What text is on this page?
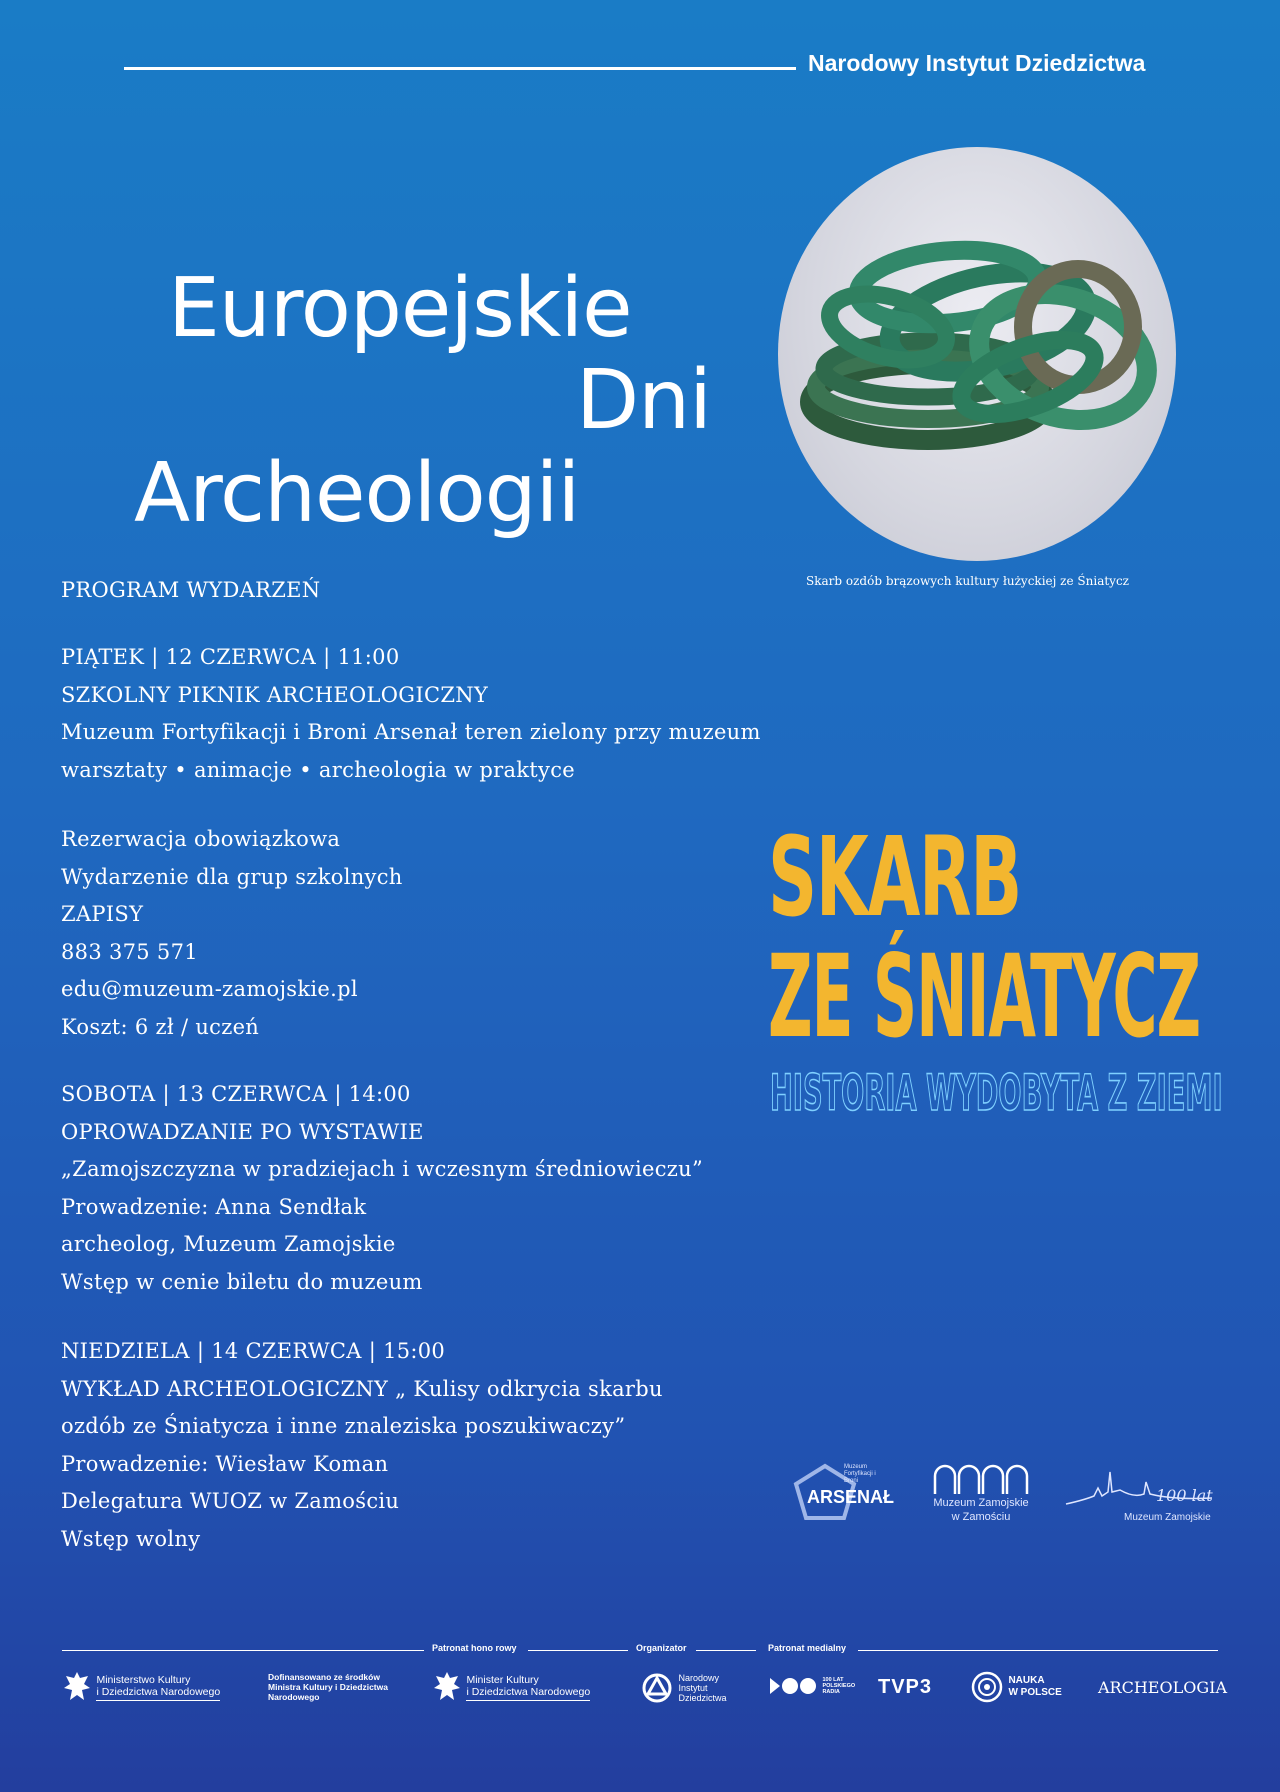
Narodowy Instytut Dziedzictwa
Europejskie
Dni
Archeologii
Skarb ozdób brązowych kultury łużyckiej ze Śniatycz
PROGRAM WYDARZEŃ
PIĄTEK | 12 CZERWCA | 11:00
SZKOLNY PIKNIK ARCHEOLOGICZNY
Muzeum Fortyfikacji i Broni Arsenał teren zielony przy muzeum
warsztaty • animacje • archeologia w praktyce
Rezerwacja obowiązkowa
Wydarzenie dla grup szkolnych
ZAPISY
883 375 571
edu@muzeum-zamojskie.pl
Koszt: 6 zł / uczeń
SOBOTA | 13 CZERWCA | 14:00
OPROWADZANIE PO WYSTAWIE
„Zamojszczyzna w pradziejach i wczesnym średniowieczu”
Prowadzenie: Anna Sendłak
archeolog, Muzeum Zamojskie
Wstęp w cenie biletu do muzeum
NIEDZIELA | 14 CZERWCA | 15:00
WYKŁAD ARCHEOLOGICZNY „ Kulisy odkrycia skarbu
ozdób ze Śniatycza i inne znaleziska poszukiwaczy”
Prowadzenie: Wiesław Koman
Delegatura WUOZ w Zamościu
Wstęp wolny
SKARB
ZE ŚNIATYCZ
HISTORIA WYDOBYTA Z ZIEMI
Muzeum Fortyfikacji i Broni
ARSENAŁ	Muzeum Zamojskie
w Zamościu
100 lat
Muzeum Zamojskie
Patronat hono rowy	Organizator	Patronat medialny
Ministerstwo Kultury
i Dziedzictwa Narodowego
Dofinansowano ze środków
Ministra Kultury i Dziedzictwa
Narodowego
Minister Kultury
i Dziedzictwa Narodowego
Narodowy
Instytut
Dziedzictwa
100 LAT
POLSKIEGO
RADIA	TVP3	NAUKA
W POLSCE ARCHEOLOGIA
